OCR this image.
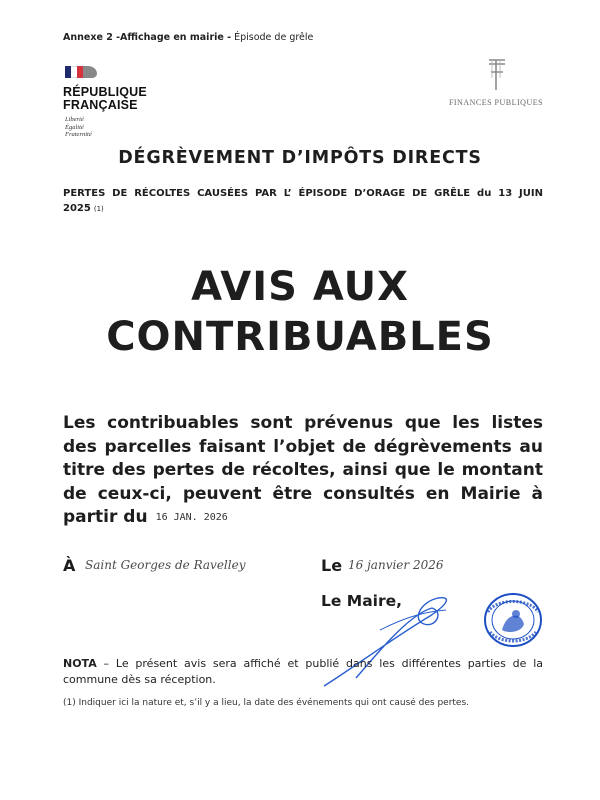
Annexe 2 -Affichage en mairie - Épisode de grêle
RÉPUBLIQUE
FRANÇAISE
Liberté
Égalité
Fraternité
FINANCES PUBLIQUES
DÉGRÈVEMENT D’IMPÔTS DIRECTS
PERTES DE RÉCOLTES CAUSÉES PAR L’ ÉPISODE D’ORAGE DE GRÊLE du 13 JUIN 2025 (1)
AVIS AUX
CONTRIBUABLES
Les contribuables sont prévenus que les listes des parcelles faisant l’objet de dégrèvements au titre des pertes de récoltes, ainsi que le montant de ceux-ci, peuvent être consultés en Mairie à partir du 16 JAN. 2026
À Saint Georges de Ravelley	Le 16 janvier 2026
Le Maire,
NOTA – Le présent avis sera affiché et publié dans les différentes parties de la commune dès sa réception.
(1) Indiquer ici la nature et, s’il y a lieu, la date des événements qui ont causé des pertes.
